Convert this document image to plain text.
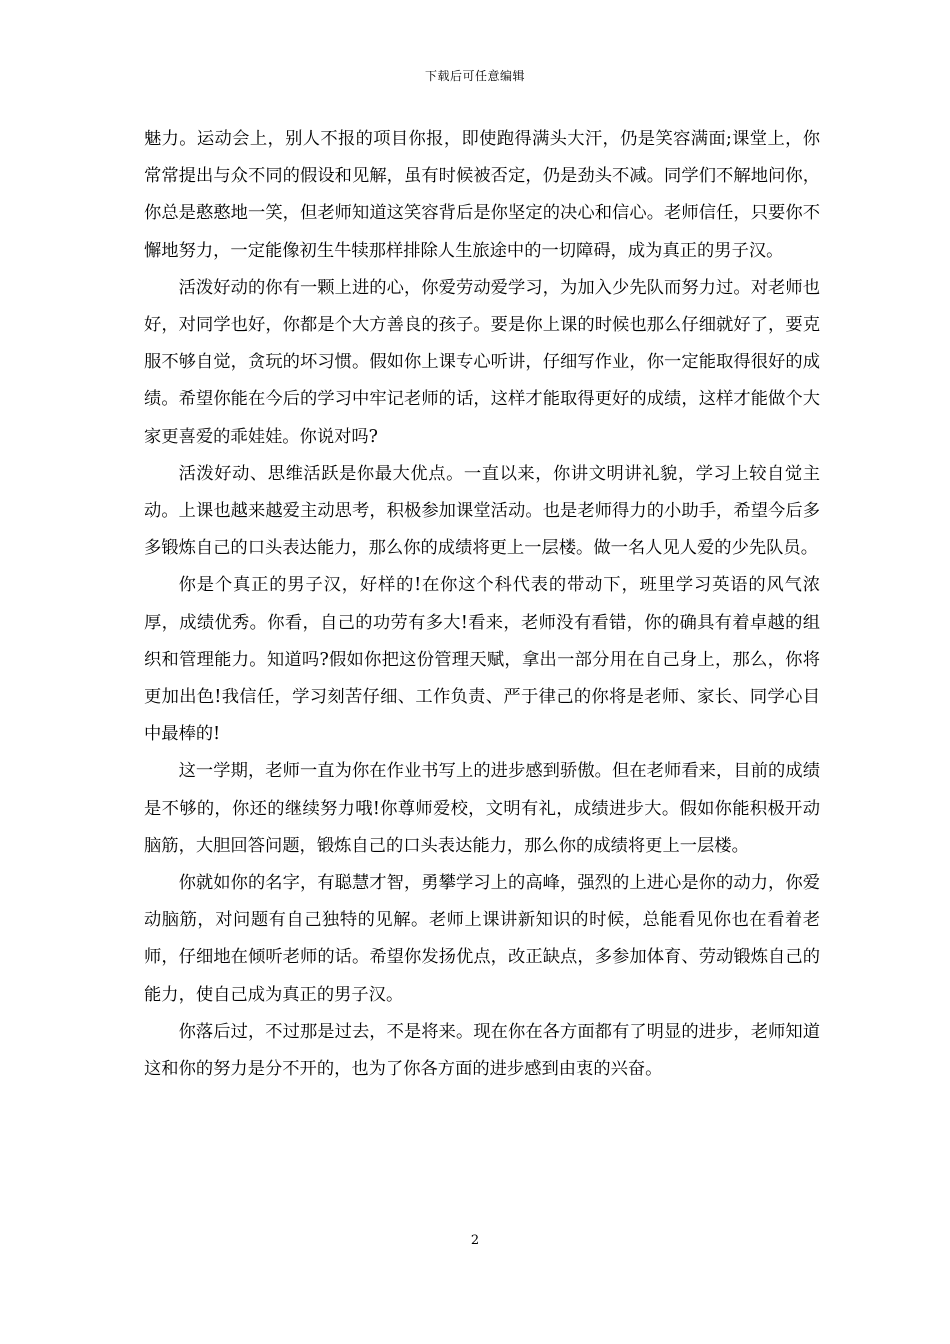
下载后可任意编辑

魅力。运动会上，别人不报的项目你报，即使跑得满头大汗，仍是笑容满面;课堂上，你常常提出与众不同的假设和见解，虽有时候被否定，仍是劲头不减。同学们不解地问你，你总是憨憨地一笑，但老师知道这笑容背后是你坚定的决心和信心。老师信任，只要你不懈地努力，一定能像初生牛犊那样排除人生旅途中的一切障碍，成为真正的男子汉。

活泼好动的你有一颗上进的心，你爱劳动爱学习，为加入少先队而努力过。对老师也好，对同学也好，你都是个大方善良的孩子。要是你上课的时候也那么仔细就好了，要克服不够自觉，贪玩的坏习惯。假如你上课专心听讲，仔细写作业，你一定能取得很好的成绩。希望你能在今后的学习中牢记老师的话，这样才能取得更好的成绩，这样才能做个大家更喜爱的乖娃娃。你说对吗?

活泼好动、思维活跃是你最大优点。一直以来，你讲文明讲礼貌，学习上较自觉主动。上课也越来越爱主动思考，积极参加课堂活动。也是老师得力的小助手，希望今后多多锻炼自己的口头表达能力，那么你的成绩将更上一层楼。做一名人见人爱的少先队员。

你是个真正的男子汉，好样的!在你这个科代表的带动下，班里学习英语的风气浓厚，成绩优秀。你看，自己的功劳有多大!看来，老师没有看错，你的确具有着卓越的组织和管理能力。知道吗?假如你把这份管理天赋，拿出一部分用在自己身上，那么，你将更加出色!我信任，学习刻苦仔细、工作负责、严于律己的你将是老师、家长、同学心目中最棒的!

这一学期，老师一直为你在作业书写上的进步感到骄傲。但在老师看来，目前的成绩是不够的，你还的继续努力哦!你尊师爱校，文明有礼，成绩进步大。假如你能积极开动脑筋，大胆回答问题，锻炼自己的口头表达能力，那么你的成绩将更上一层楼。

你就如你的名字，有聪慧才智，勇攀学习上的高峰，强烈的上进心是你的动力，你爱动脑筋，对问题有自己独特的见解。老师上课讲新知识的时候，总能看见你也在看着老师，仔细地在倾听老师的话。希望你发扬优点，改正缺点，多参加体育、劳动锻炼自己的能力，使自己成为真正的男子汉。

你落后过，不过那是过去，不是将来。现在你在各方面都有了明显的进步，老师知道这和你的努力是分不开的，也为了你各方面的进步感到由衷的兴奋。

2
